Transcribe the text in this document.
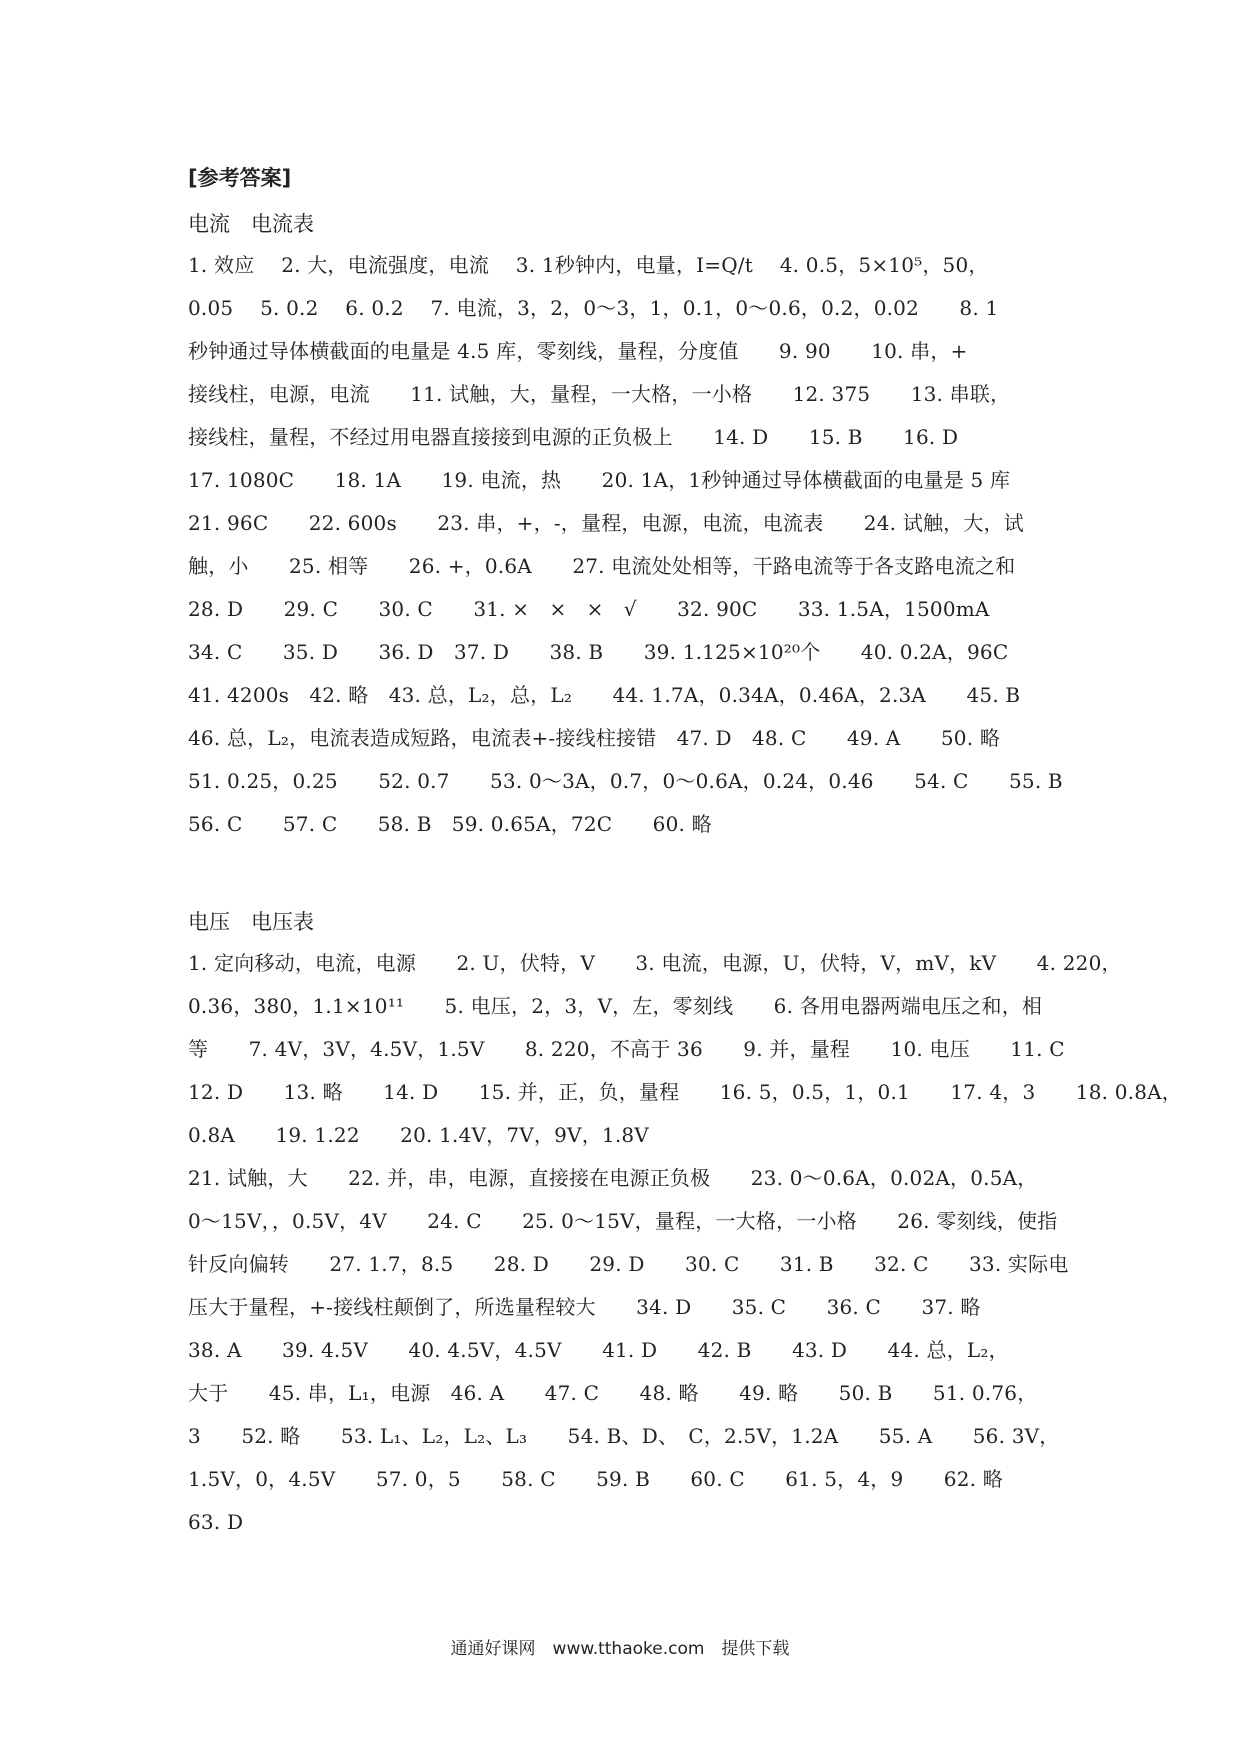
[参考答案]
电流　电流表
1. 效应　 2. 大，电流强度，电流　 3. 1秒钟内，电量，I=Q/t　 4. 0.5，5×10⁵，50，
0.05　 5. 0.2　 6. 0.2　 7. 电流，3，2，0～3，1，0.1，0～0.6，0.2，0.02　　8. 1
秒钟通过导体横截面的电量是 4.5 库，零刻线，量程，分度值　　9. 90　　10. 串，+
接线柱，电源，电流　　11. 试触，大，量程，一大格，一小格　　12. 375　　13. 串联，
接线柱，量程，不经过用电器直接接到电源的正负极上　　14. D　　15. B　　16. D
17. 1080C　　18. 1A　　19. 电流，热　　20. 1A，1秒钟通过导体横截面的电量是 5 库
21. 96C　　22. 600s　　23. 串，+，-，量程，电源，电流，电流表　　24. 试触，大，试
触，小　　25. 相等　　26. +，0.6A　　27. 电流处处相等，干路电流等于各支路电流之和
28. D　　29. C　　30. C　　31. ×　×　×　√　　32. 90C　　33. 1.5A，1500mA
34. C　　35. D　　36. D　37. D　　38. B　　39. 1.125×10²⁰个　　40. 0.2A，96C
41. 4200s　42. 略　43. 总，L₂，总，L₂　　44. 1.7A，0.34A，0.46A，2.3A　　45. B
46. 总，L₂，电流表造成短路，电流表+-接线柱接错　47. D　48. C　　49. A　　50. 略
51. 0.25，0.25　　52. 0.7　　53. 0～3A，0.7，0～0.6A，0.24，0.46　　54. C　　55. B
56. C　　57. C　　58. B　59. 0.65A，72C　　60. 略
电压　电压表
1. 定向移动，电流，电源　　2. U，伏特，V　　3. 电流，电源，U，伏特，V，mV，kV　　4. 220，
0.36，380，1.1×10¹¹　　5. 电压，2，3，V，左，零刻线　　6. 各用电器两端电压之和，相
等　　7. 4V，3V，4.5V，1.5V　　8. 220，不高于 36　　9. 并，量程　　10. 电压　　11. C
12. D　　13. 略　　14. D　　15. 并，正，负，量程　　16. 5，0.5，1，0.1　　17. 4，3　　18. 0.8A，
0.8A　　19. 1.22　　20. 1.4V，7V，9V，1.8V
21. 试触，大　　22. 并，串，电源，直接接在电源正负极　　23. 0～0.6A，0.02A，0.5A，
0～15V，，0.5V，4V　　24. C　　25. 0～15V，量程，一大格，一小格　　26. 零刻线，使指
针反向偏转　　27. 1.7，8.5　　28. D　　29. D　　30. C　　31. B　　32. C　　33. 实际电
压大于量程，+-接线柱颠倒了，所选量程较大　　34. D　　35. C　　36. C　　37. 略
38. A　　39. 4.5V　　40. 4.5V，4.5V　　41. D　　42. B　　43. D　　44. 总，L₂，
大于　　45. 串，L₁，电源　46. A　　47. C　　48. 略　　49. 略　　50. B　　51. 0.76，
3　　52. 略　　53. L₁、L₂，L₂、L₃　　54. B、D、　C，2.5V，1.2A　　55. A　　56. 3V，
1.5V，0，4.5V　　57. 0，5　　58. C　　59. B　　60. C　　61. 5，4，9　　62. 略
63. D
通通好课网　www.tthaoke.com　提供下载
